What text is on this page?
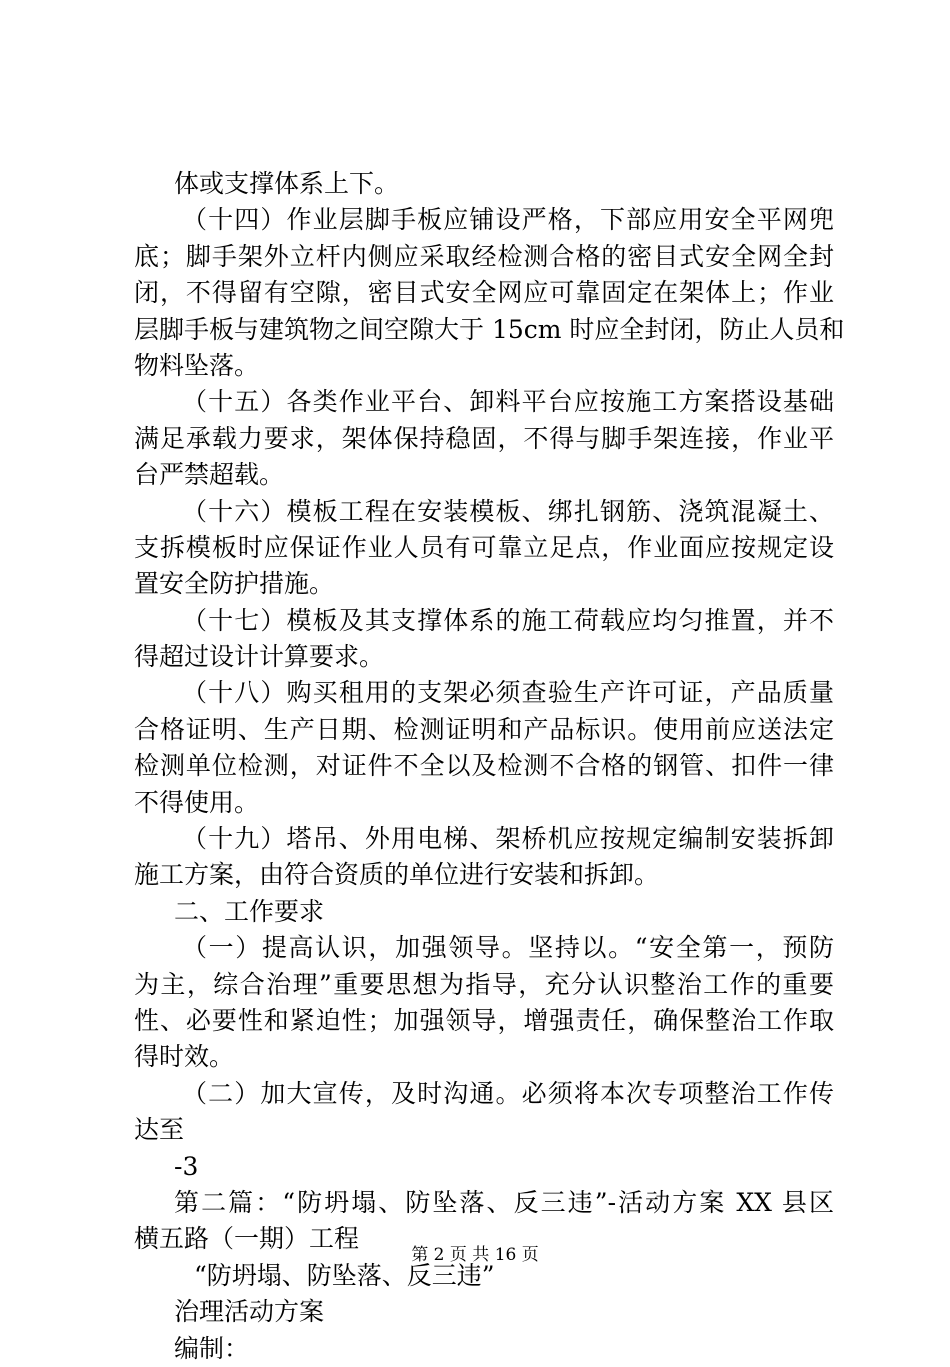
体或支撑体系上下。
（十四）作业层脚手板应铺设严格，下部应用安全平网兜
底；脚手架外立杆内侧应采取经检测合格的密目式安全网全封
闭，不得留有空隙，密目式安全网应可靠固定在架体上；作业
层脚手板与建筑物之间空隙大于 15cm 时应全封闭，防止人员和
物料坠落。
（十五）各类作业平台、卸料平台应按施工方案搭设基础
满足承载力要求，架体保持稳固，不得与脚手架连接，作业平
台严禁超载。
（十六）模板工程在安装模板、绑扎钢筋、浇筑混凝土、
支拆模板时应保证作业人员有可靠立足点，作业面应按规定设
置安全防护措施。
（十七）模板及其支撑体系的施工荷载应均匀推置，并不
得超过设计计算要求。
（十八）购买租用的支架必须查验生产许可证，产品质量
合格证明、生产日期、检测证明和产品标识。使用前应送法定
检测单位检测，对证件不全以及检测不合格的钢管、扣件一律
不得使用。
（十九）塔吊、外用电梯、架桥机应按规定编制安装拆卸
施工方案，由符合资质的单位进行安装和拆卸。
二、工作要求
（一）提高认识，加强领导。坚持以。“安全第一，预防
为主，综合治理”重要思想为指导，充分认识整治工作的重要
性、必要性和紧迫性；加强领导，增强责任，确保整治工作取
得时效。
（二）加大宣传，及时沟通。必须将本次专项整治工作传
达至
-3
第二篇：“防坍塌、防坠落、反三违”-活动方案 XX 县区
横五路（一期）工程
“防坍塌、防坠落、反三违”
治理活动方案
编制：
第 2 页 共 16 页
